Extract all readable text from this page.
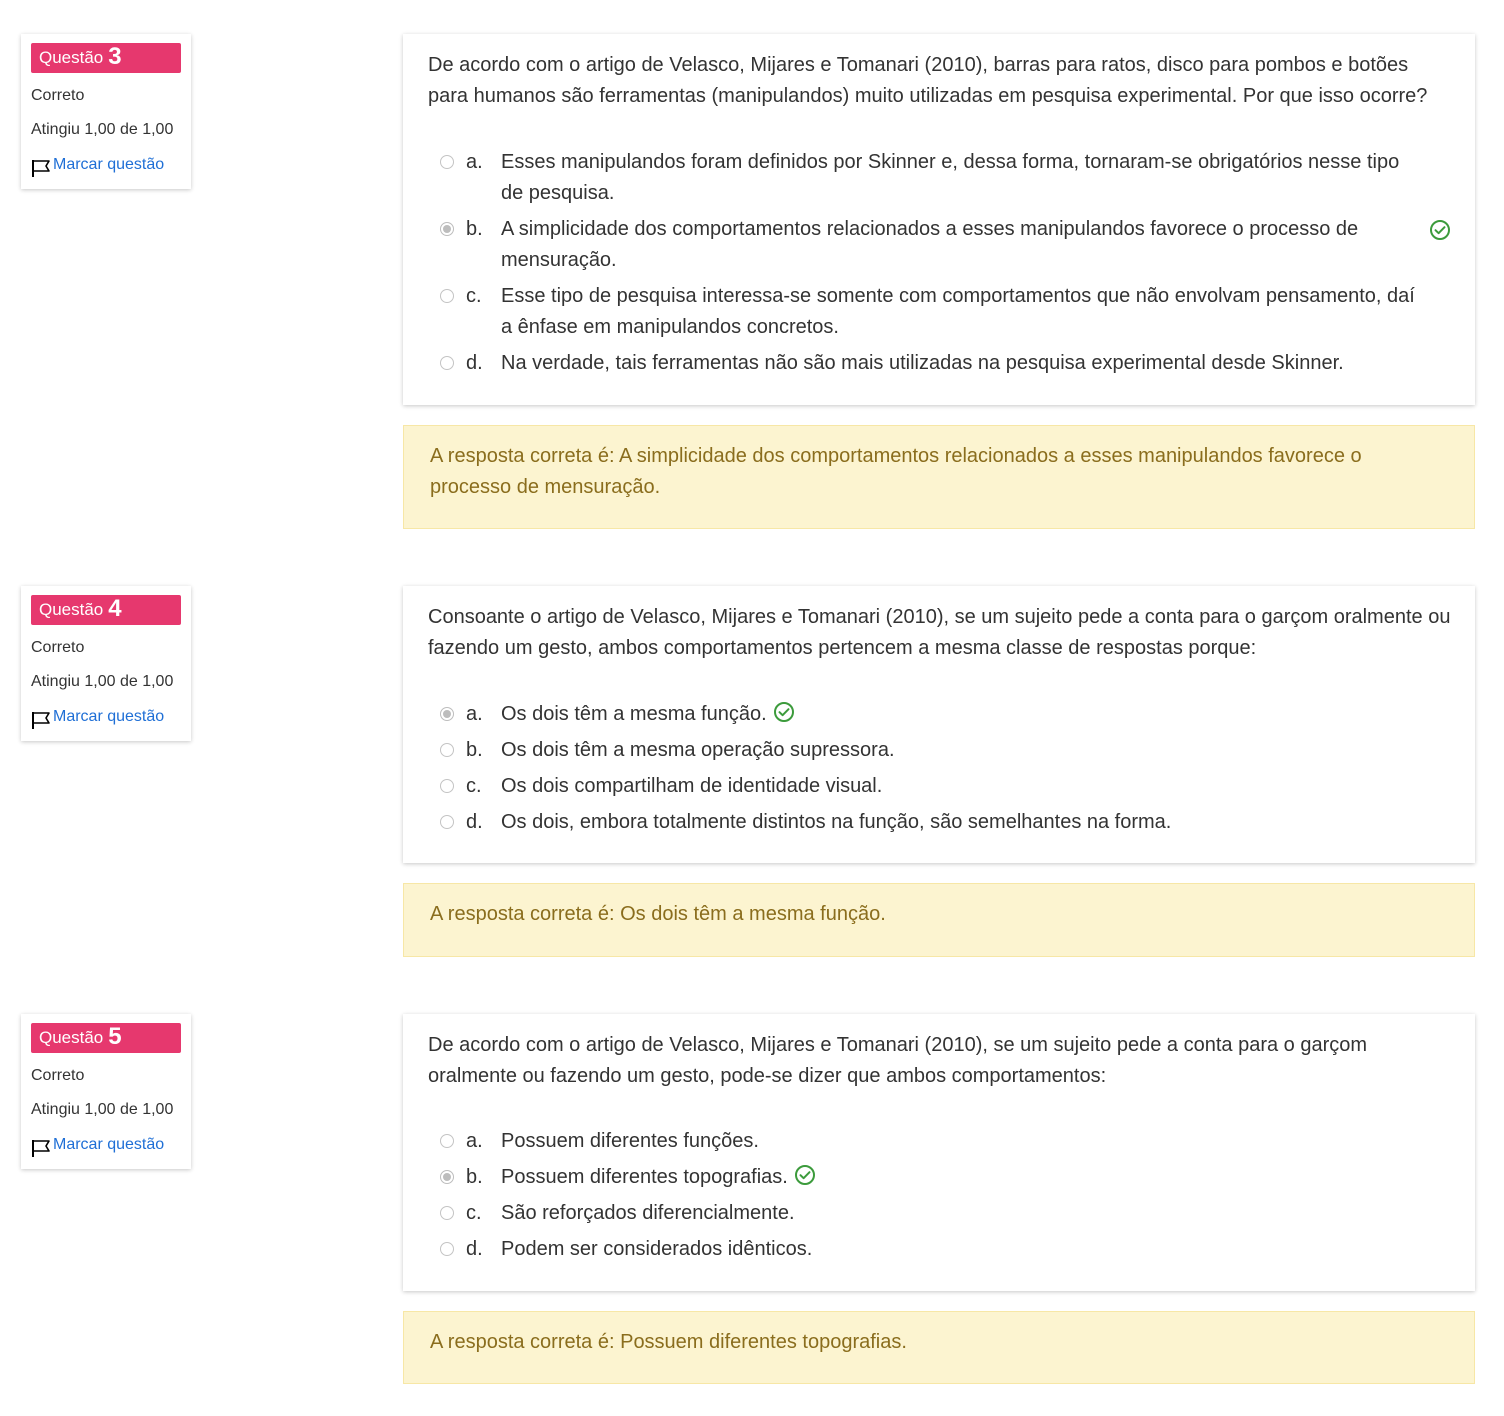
Questão 3
Correto
Atingiu 1,00 de 1,00
Marcar questão

De acordo com o artigo de Velasco, Mijares e Tomanari (2010), barras para ratos, disco para pombos e botões para humanos são ferramentas (manipulandos) muito utilizadas em pesquisa experimental. Por que isso ocorre?

a. Esses manipulandos foram definidos por Skinner e, dessa forma, tornaram-se obrigatórios nesse tipo de pesquisa.
b. A simplicidade dos comportamentos relacionados a esses manipulandos favorece o processo de mensuração.
c. Esse tipo de pesquisa interessa-se somente com comportamentos que não envolvam pensamento, daí a ênfase em manipulandos concretos.
d. Na verdade, tais ferramentas não são mais utilizadas na pesquisa experimental desde Skinner.
A resposta correta é: A simplicidade dos comportamentos relacionados a esses manipulandos favorece o processo de mensuração.
Questão 4
Correto
Atingiu 1,00 de 1,00
Marcar questão

Consoante o artigo de Velasco, Mijares e Tomanari (2010), se um sujeito pede a conta para o garçom oralmente ou fazendo um gesto, ambos comportamentos pertencem a mesma classe de respostas porque:

a. Os dois têm a mesma função.
b. Os dois têm a mesma operação supressora.
c. Os dois compartilham de identidade visual.
d. Os dois, embora totalmente distintos na função, são semelhantes na forma.
A resposta correta é: Os dois têm a mesma função.
Questão 5
Correto
Atingiu 1,00 de 1,00
Marcar questão

De acordo com o artigo de Velasco, Mijares e Tomanari (2010), se um sujeito pede a conta para o garçom oralmente ou fazendo um gesto, pode-se dizer que ambos comportamentos:

a. Possuem diferentes funções.
b. Possuem diferentes topografias.
c. São reforçados diferencialmente.
d. Podem ser considerados idênticos.
A resposta correta é: Possuem diferentes topografias.
